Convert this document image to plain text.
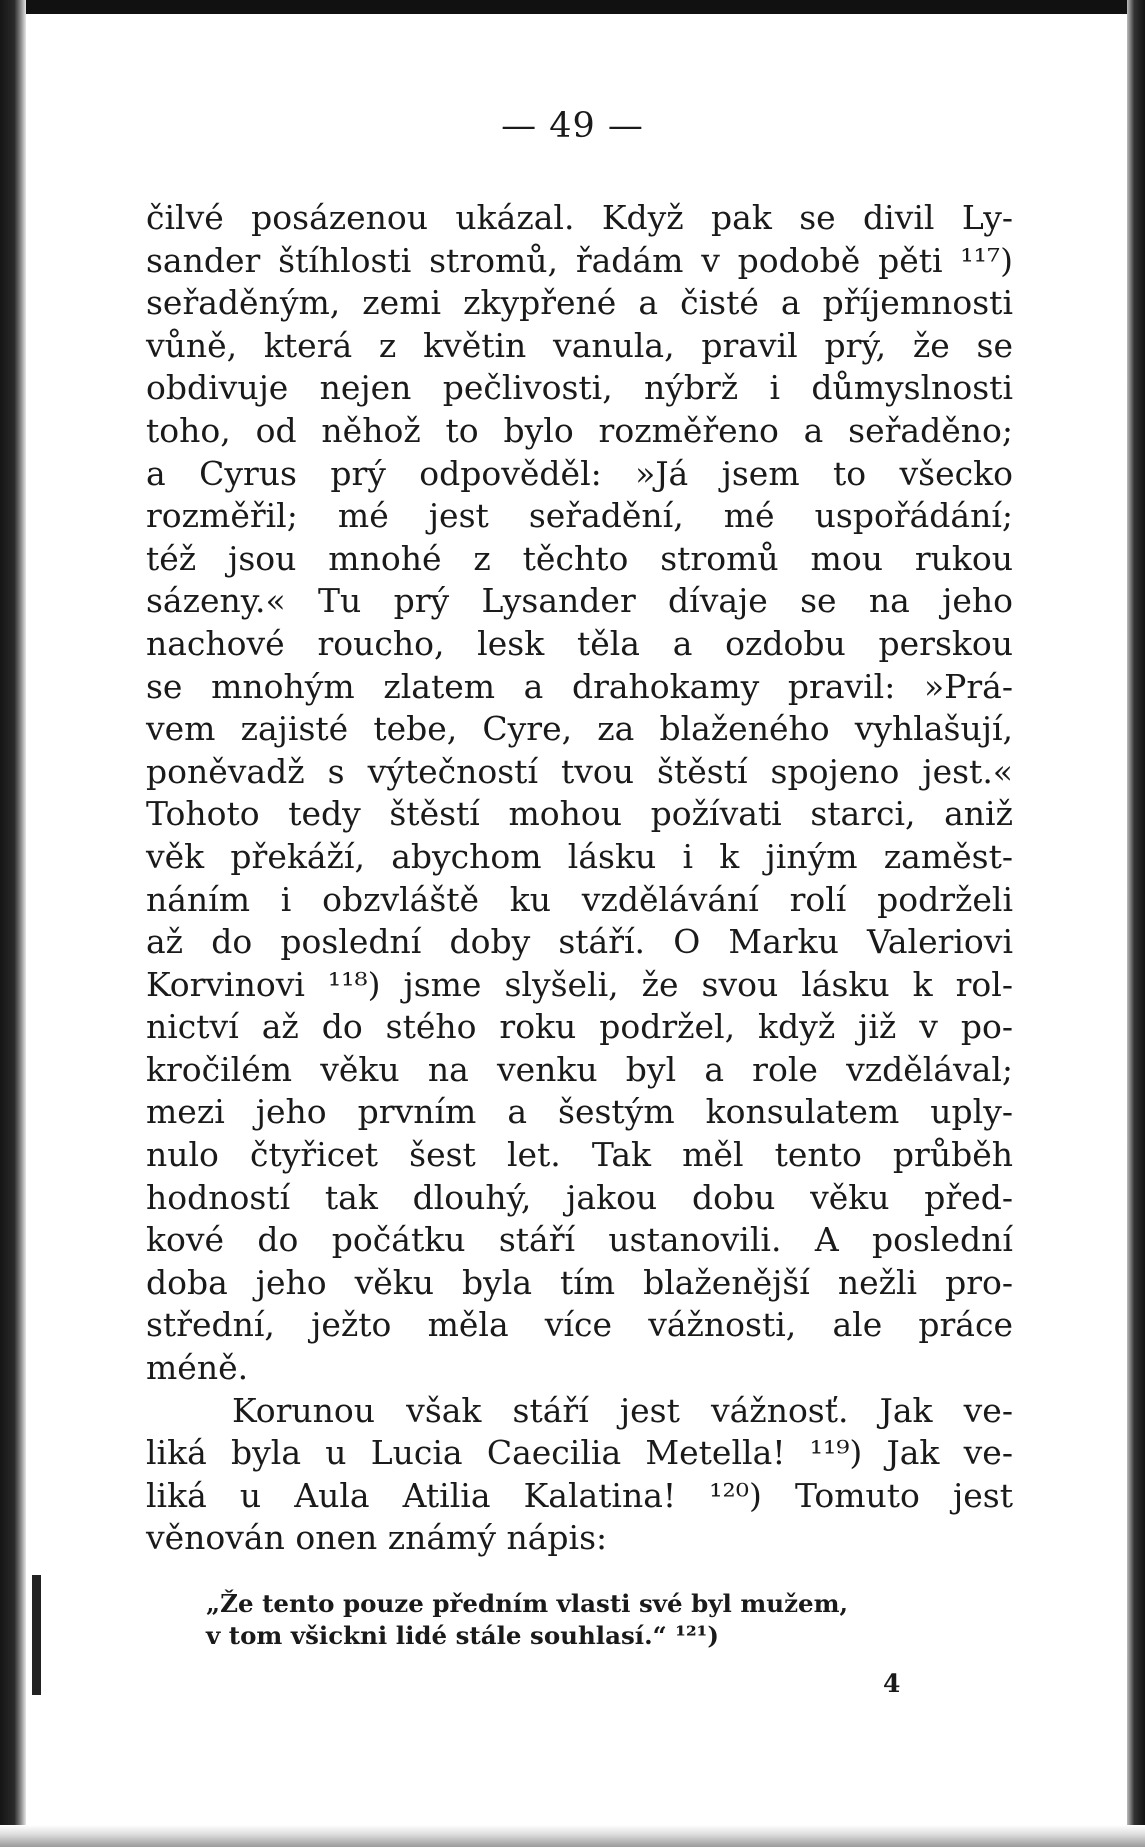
— 49 —
čilvé posázenou ukázal. Když pak se divil Ly-
sander štíhlosti stromů, řadám v podobě pěti ¹¹⁷)
seřaděným, zemi zkypřené a čisté a příjemnosti
vůně, která z květin vanula, pravil prý, že se
obdivuje nejen pečlivosti, nýbrž i důmyslnosti
toho, od něhož to bylo rozměřeno a seřaděno;
a Cyrus prý odpověděl: »Já jsem to všecko
rozměřil; mé jest seřadění, mé uspořádání;
též jsou mnohé z těchto stromů mou rukou
sázeny.« Tu prý Lysander dívaje se na jeho
nachové roucho, lesk těla a ozdobu perskou
se mnohým zlatem a drahokamy pravil: »Prá-
vem zajisté tebe, Cyre, za blaženého vyhlašují,
poněvadž s výtečností tvou štěstí spojeno jest.«
Tohoto tedy štěstí mohou požívati starci, aniž
věk překáží, abychom lásku i k jiným zaměst-
náním i obzvláště ku vzdělávání rolí podrželi
až do poslední doby stáří. O Marku Valeriovi
Korvinovi ¹¹⁸) jsme slyšeli, že svou lásku k rol-
nictví až do stého roku podržel, když již v po-
kročilém věku na venku byl a role vzdělával;
mezi jeho prvním a šestým konsulatem uply-
nulo čtyřicet šest let. Tak měl tento průběh
hodností tak dlouhý, jakou dobu věku před-
kové do počátku stáří ustanovili. A poslední
doba jeho věku byla tím blaženější nežli pro-
střední, ježto měla více vážnosti, ale práce
méně.
Korunou však stáří jest vážnosť. Jak ve-
liká byla u Lucia Caecilia Metella! ¹¹⁹) Jak ve-
liká u Aula Atilia Kalatina! ¹²⁰) Tomuto jest
věnován onen známý nápis:
„Že tento pouze předním vlasti své byl mužem,
v tom všickni lidé stále souhlasí.“ ¹²¹)
4
